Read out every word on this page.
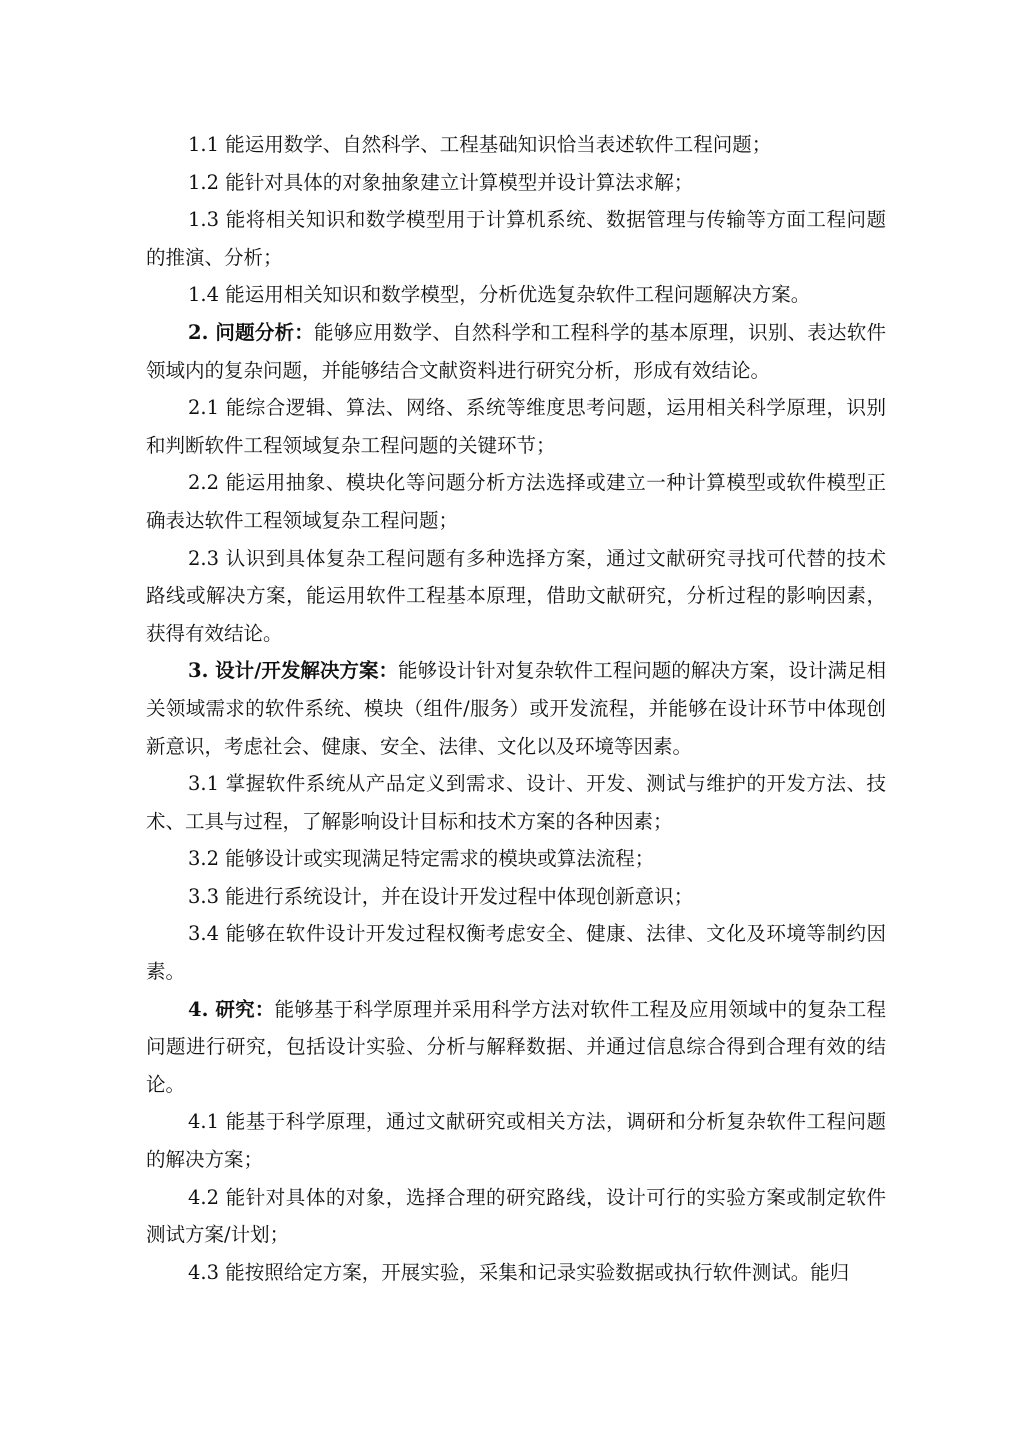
1.1 能运用数学、自然科学、工程基础知识恰当表述软件工程问题；

1.2 能针对具体的对象抽象建立计算模型并设计算法求解；

1.3 能将相关知识和数学模型用于计算机系统、数据管理与传输等方面工程问题的推演、分析；

1.4 能运用相关知识和数学模型，分析优选复杂软件工程问题解决方案。

2. 问题分析：能够应用数学、自然科学和工程科学的基本原理，识别、表达软件领域内的复杂问题，并能够结合文献资料进行研究分析，形成有效结论。

2.1 能综合逻辑、算法、网络、系统等维度思考问题，运用相关科学原理，识别和判断软件工程领域复杂工程问题的关键环节；

2.2 能运用抽象、模块化等问题分析方法选择或建立一种计算模型或软件模型正确表达软件工程领域复杂工程问题；

2.3 认识到具体复杂工程问题有多种选择方案，通过文献研究寻找可代替的技术路线或解决方案，能运用软件工程基本原理，借助文献研究，分析过程的影响因素，获得有效结论。

3. 设计/开发解决方案：能够设计针对复杂软件工程问题的解决方案，设计满足相关领域需求的软件系统、模块（组件/服务）或开发流程，并能够在设计环节中体现创新意识，考虑社会、健康、安全、法律、文化以及环境等因素。

3.1 掌握软件系统从产品定义到需求、设计、开发、测试与维护的开发方法、技术、工具与过程，了解影响设计目标和技术方案的各种因素；

3.2 能够设计或实现满足特定需求的模块或算法流程；

3.3 能进行系统设计，并在设计开发过程中体现创新意识；

3.4 能够在软件设计开发过程权衡考虑安全、健康、法律、文化及环境等制约因素。

4. 研究：能够基于科学原理并采用科学方法对软件工程及应用领域中的复杂工程问题进行研究，包括设计实验、分析与解释数据、并通过信息综合得到合理有效的结论。

4.1 能基于科学原理，通过文献研究或相关方法，调研和分析复杂软件工程问题的解决方案；

4.2 能针对具体的对象，选择合理的研究路线，设计可行的实验方案或制定软件测试方案/计划；

4.3 能按照给定方案，开展实验，采集和记录实验数据或执行软件测试。能归
